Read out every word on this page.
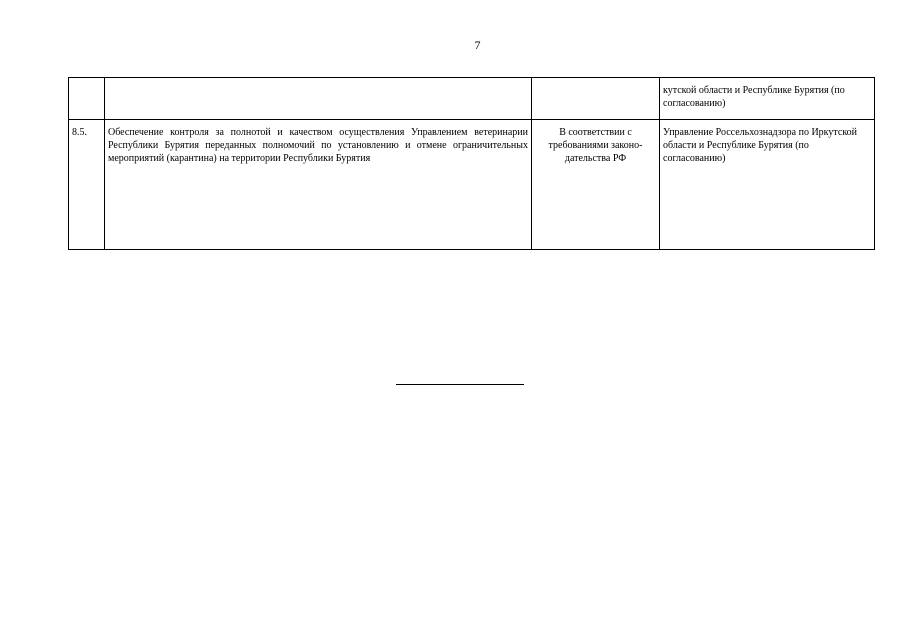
7
			кутской области и Республике Бурятия (по согласованию)
8.5.	Обеспечение контроля за полнотой и качеством осуществления Управлением ветеринарии Республики Бурятия переданных полномочий по установлению и отмене ограничительных мероприятий (карантина) на территории Республики Бурятия	В соответствии с требованиями законо-дательства РФ	Управление Россельхознадзора по Иркутской области и Республике Бурятия (по согласованию)
